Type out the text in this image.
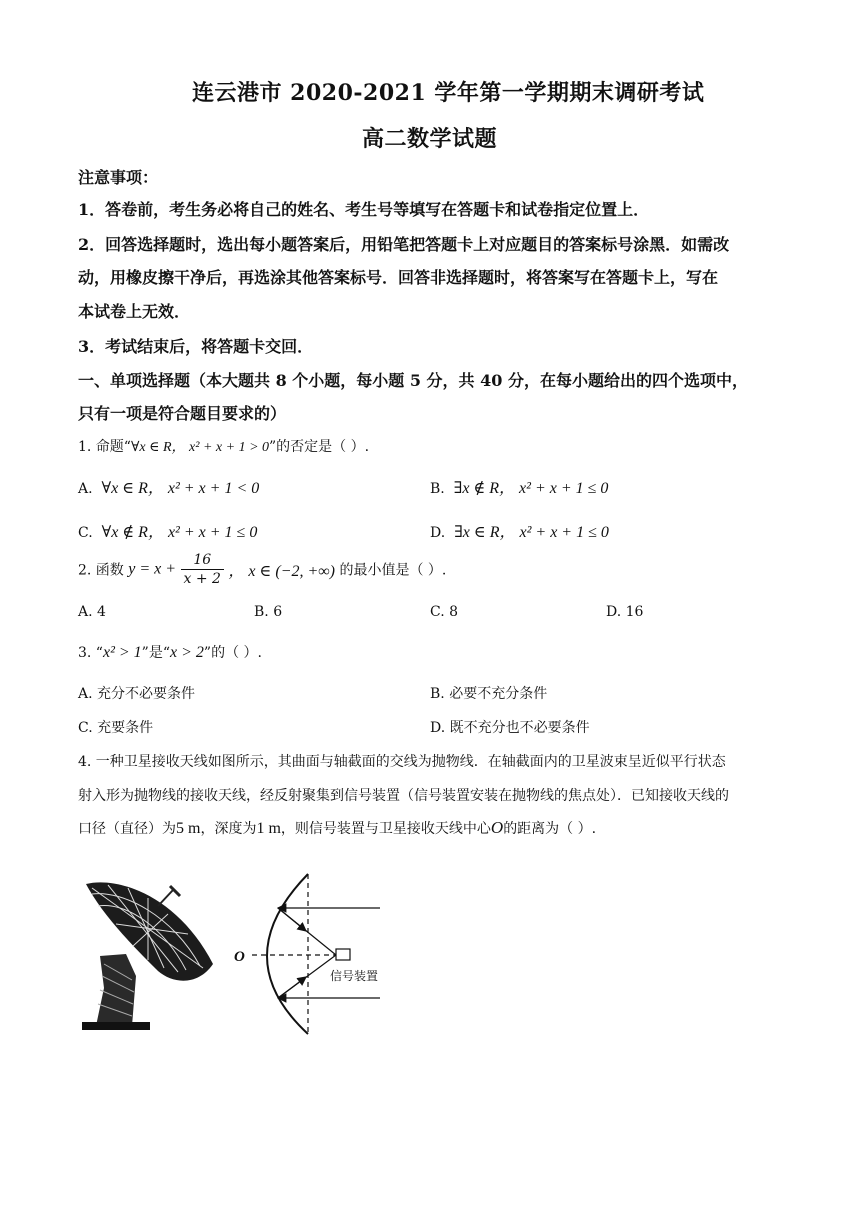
连云港市 2020-2021 学年第一学期期末调研考试
高二数学试题
注意事项：
1．答卷前，考生务必将自己的姓名、考生号等填写在答题卡和试卷指定位置上．
2．回答选择题时，选出每小题答案后，用铅笔把答题卡上对应题目的答案标号涂黑．如需改
动，用橡皮擦干净后，再选涂其他答案标号．回答非选择题时，将答案写在答题卡上，写在
本试卷上无效．
3．考试结束后，将答题卡交回．
一、单项选择题（本大题共 8 个小题，每小题 5 分，共 40 分，在每小题给出的四个选项中，
只有一项是符合题目要求的）
1. 命题“∀x ∈ R， x² + x + 1 > 0”的否定是（ ）.
A. ∀x ∈ R， x² + x + 1 < 0	B. ∃x ∉ R， x² + x + 1 ≤ 0
C. ∀x ∉ R， x² + x + 1 ≤ 0	D. ∃x ∈ R， x² + x + 1 ≤ 0
2. 函数 $y = x + \frac{16}{x + 2}$ ， x ∈ (−2, +∞) 的最小值是（ ）.
A. 4	B. 6	C. 8	D. 16
3. “x² > 1”是“x > 2”的（ ）.
A. 充分不必要条件	B. 必要不充分条件
C. 充要条件	D. 既不充分也不必要条件
4. 一种卫星接收天线如图所示，其曲面与轴截面的交线为抛物线．在轴截面内的卫星波束呈近似平行状态
射入形为抛物线的接收天线，经反射聚集到信号装置（信号装置安装在抛物线的焦点处）．已知接收天线的
口径（直径）为5 m，深度为1 m，则信号装置与卫星接收天线中心O的距离为（ ）.
O
信号装置
